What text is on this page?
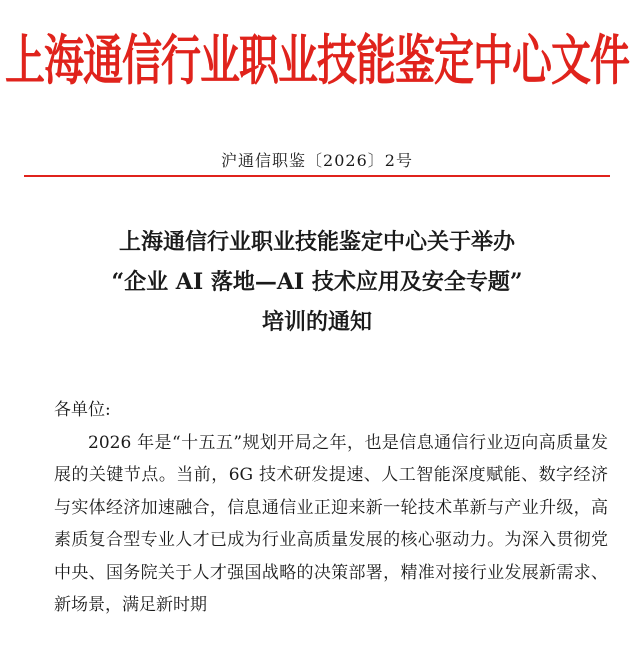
上海通信行业职业技能鉴定中心文件
沪通信职鉴〔2026〕2号
上海通信行业职业技能鉴定中心关于举办
“企业 AI 落地—AI 技术应用及安全专题”
培训的通知

各单位:

2026 年是“十五五”规划开局之年，也是信息通信行业迈向高质量发展的关键节点。当前，6G 技术研发提速、人工智能深度赋能、数字经济与实体经济加速融合，信息通信业正迎来新一轮技术革新与产业升级，高素质复合型专业人才已成为行业高质量发展的核心驱动力。为深入贯彻党中央、国务院关于人才强国战略的决策部署，精准对接行业发展新需求、新场景，满足新时期
